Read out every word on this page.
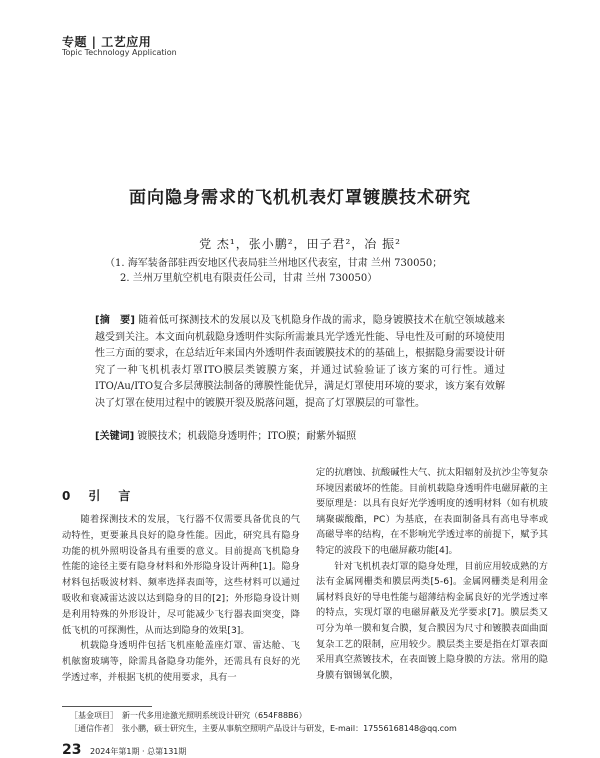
专题 | 工艺应用
Topic Technology Application
面向隐身需求的飞机机表灯罩镀膜技术研究
党 杰¹，张小鹏²，田子君²，冶 振²
（1. 海军装备部驻西安地区代表局驻兰州地区代表室，甘肃 兰州 730050；
2. 兰州万里航空机电有限责任公司，甘肃 兰州 730050）
[摘　要] 随着低可探测技术的发展以及飞机隐身作战的需求，隐身镀膜技术在航空领域越来越受到关注。本文面向机载隐身透明件实际所需兼具光学透光性能、导电性及可耐的环境使用性三方面的要求，在总结近年来国内外透明件表面镀膜技术的的基础上，根据隐身需要设计研究了一种飞机机表灯罩ITO膜层类镀膜方案，并通过试验验证了该方案的可行性。通过ITO/Au/ITO复合多层薄膜法制备的薄膜性能优异，满足灯罩使用环境的要求，该方案有效解决了灯罩在使用过程中的镀膜开裂及脱落问题，提高了灯罩膜层的可靠性。
[关键词] 镀膜技术；机载隐身透明件；ITO膜；耐紫外辐照
0　引　言

随着探测技术的发展，飞行器不仅需要具备优良的气动特性，更要兼具良好的隐身性能。因此，研究具有隐身功能的机外照明设备具有重要的意义。目前提高飞机隐身性能的途径主要有隐身材料和外形隐身设计两种[1]。隐身材料包括吸波材料、频率选择表面等，这些材料可以通过吸收和衰减雷达波以达到隐身的目的[2]；外形隐身设计则是利用特殊的外形设计，尽可能减少飞行器表面突变，降低飞机的可探测性，从而达到隐身的效果[3]。

机载隐身透明件包括飞机座舱盖座灯罩、雷达舱、飞机舷窗玻璃等，除需具备隐身功能外，还需具有良好的光学透过率，并根据飞机的使用要求，具有一

定的抗磨蚀、抗酸碱性大气、抗太阳辐射及抗沙尘等复杂环境因素破坏的性能。目前机载隐身透明件电磁屏蔽的主要原理是：以具有良好光学透明度的透明材料（如有机玻璃聚碳酸酯，PC）为基底，在表面制备具有高电导率或高磁导率的结构，在不影响光学透过率的前提下，赋予其特定的波段下的电磁屏蔽功能[4]。

针对飞机机表灯罩的隐身处理，目前应用较成熟的方法有金属网栅类和膜层两类[5-6]。金属网栅类是利用金属材料良好的导电性能与超薄结构金属良好的光学透过率的特点，实现灯罩的电磁屏蔽及光学要求[7]。膜层类又可分为单一膜和复合膜，复合膜因为尺寸和镀膜表面曲面复杂工艺的限制，应用较少。膜层类主要是指在灯罩表面采用真空蒸镀技术，在表面镀上隐身膜的方法。常用的隐身膜有铟锡氧化膜，

［基金项目］　新一代多用途激光照明系统设计研究（654F88B6）
［通信作者］　张小鹏，硕士研究生，主要从事航空照明产品设计与研发，E-mail：17556168148@qq.com
23 2024年第1期 · 总第131期
